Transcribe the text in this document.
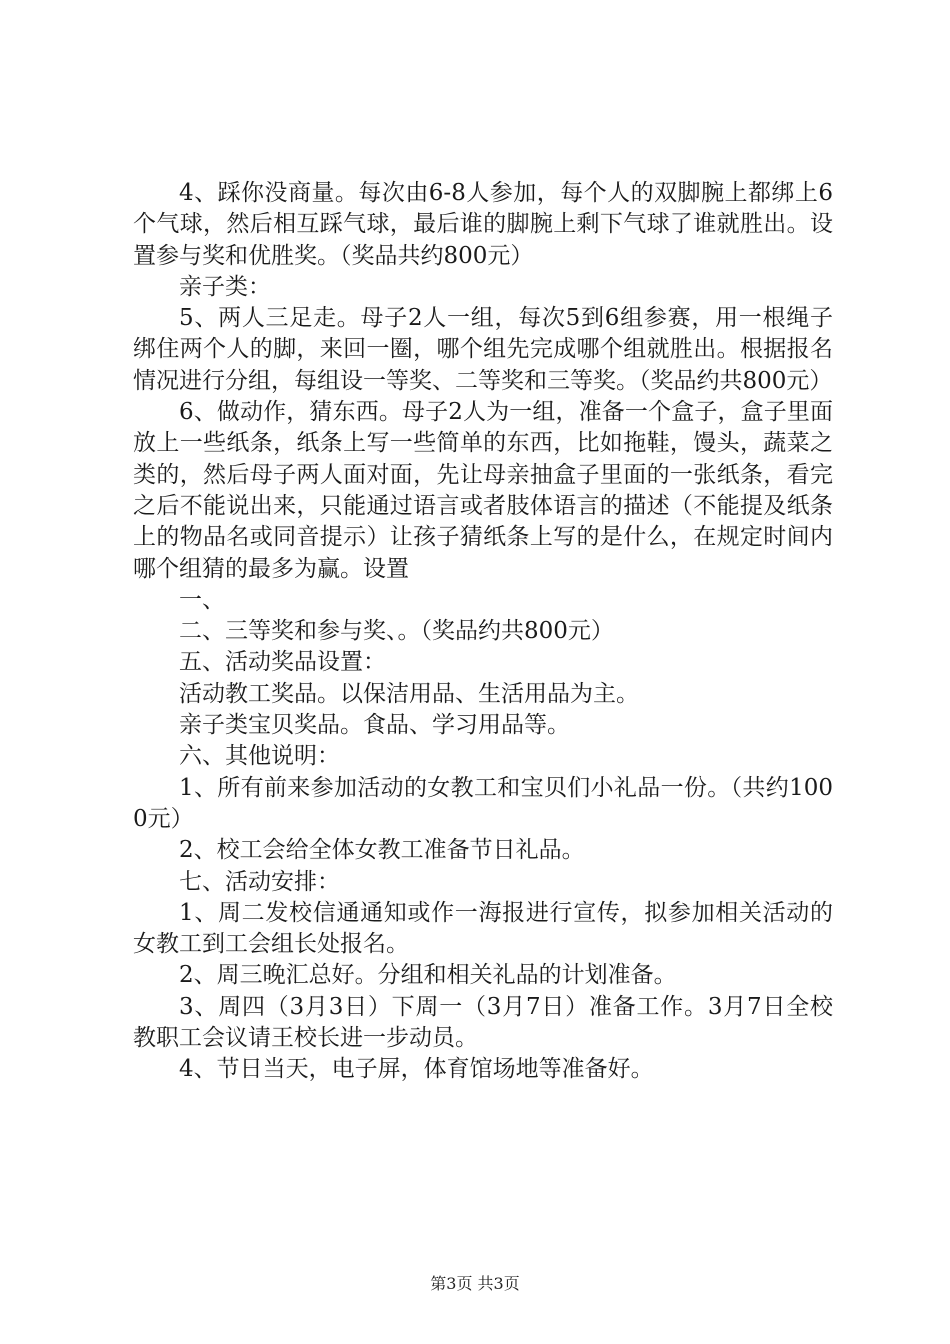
4、踩你没商量。每次由6-8人参加，每个人的双脚腕上都绑上6个气球，然后相互踩气球，最后谁的脚腕上剩下气球了谁就胜出。设置参与奖和优胜奖。（奖品共约800元）

亲子类：

5、两人三足走。母子2人一组，每次5到6组参赛，用一根绳子绑住两个人的脚，来回一圈，哪个组先完成哪个组就胜出。根据报名情况进行分组，每组设一等奖、二等奖和三等奖。（奖品约共800元）

6、做动作，猜东西。母子2人为一组，准备一个盒子，盒子里面放上一些纸条，纸条上写一些简单的东西，比如拖鞋，馒头，蔬菜之类的，然后母子两人面对面，先让母亲抽盒子里面的一张纸条，看完之后不能说出来，只能通过语言或者肢体语言的描述（不能提及纸条上的物品名或同音提示）让孩子猜纸条上写的是什么，在规定时间内哪个组猜的最多为赢。设置

一、

二、三等奖和参与奖、。（奖品约共800元）

五、活动奖品设置：

活动教工奖品。以保洁用品、生活用品为主。

亲子类宝贝奖品。食品、学习用品等。

六、其他说明：

1、所有前来参加活动的女教工和宝贝们小礼品一份。（共约1000元）

2、校工会给全体女教工准备节日礼品。

七、活动安排：

1、周二发校信通通知或作一海报进行宣传，拟参加相关活动的女教工到工会组长处报名。

2、周三晚汇总好。分组和相关礼品的计划准备。

3、周四（3月3日）下周一（3月7日）准备工作。3月7日全校教职工会议请王校长进一步动员。

4、节日当天，电子屏，体育馆场地等准备好。

第3页 共3页
